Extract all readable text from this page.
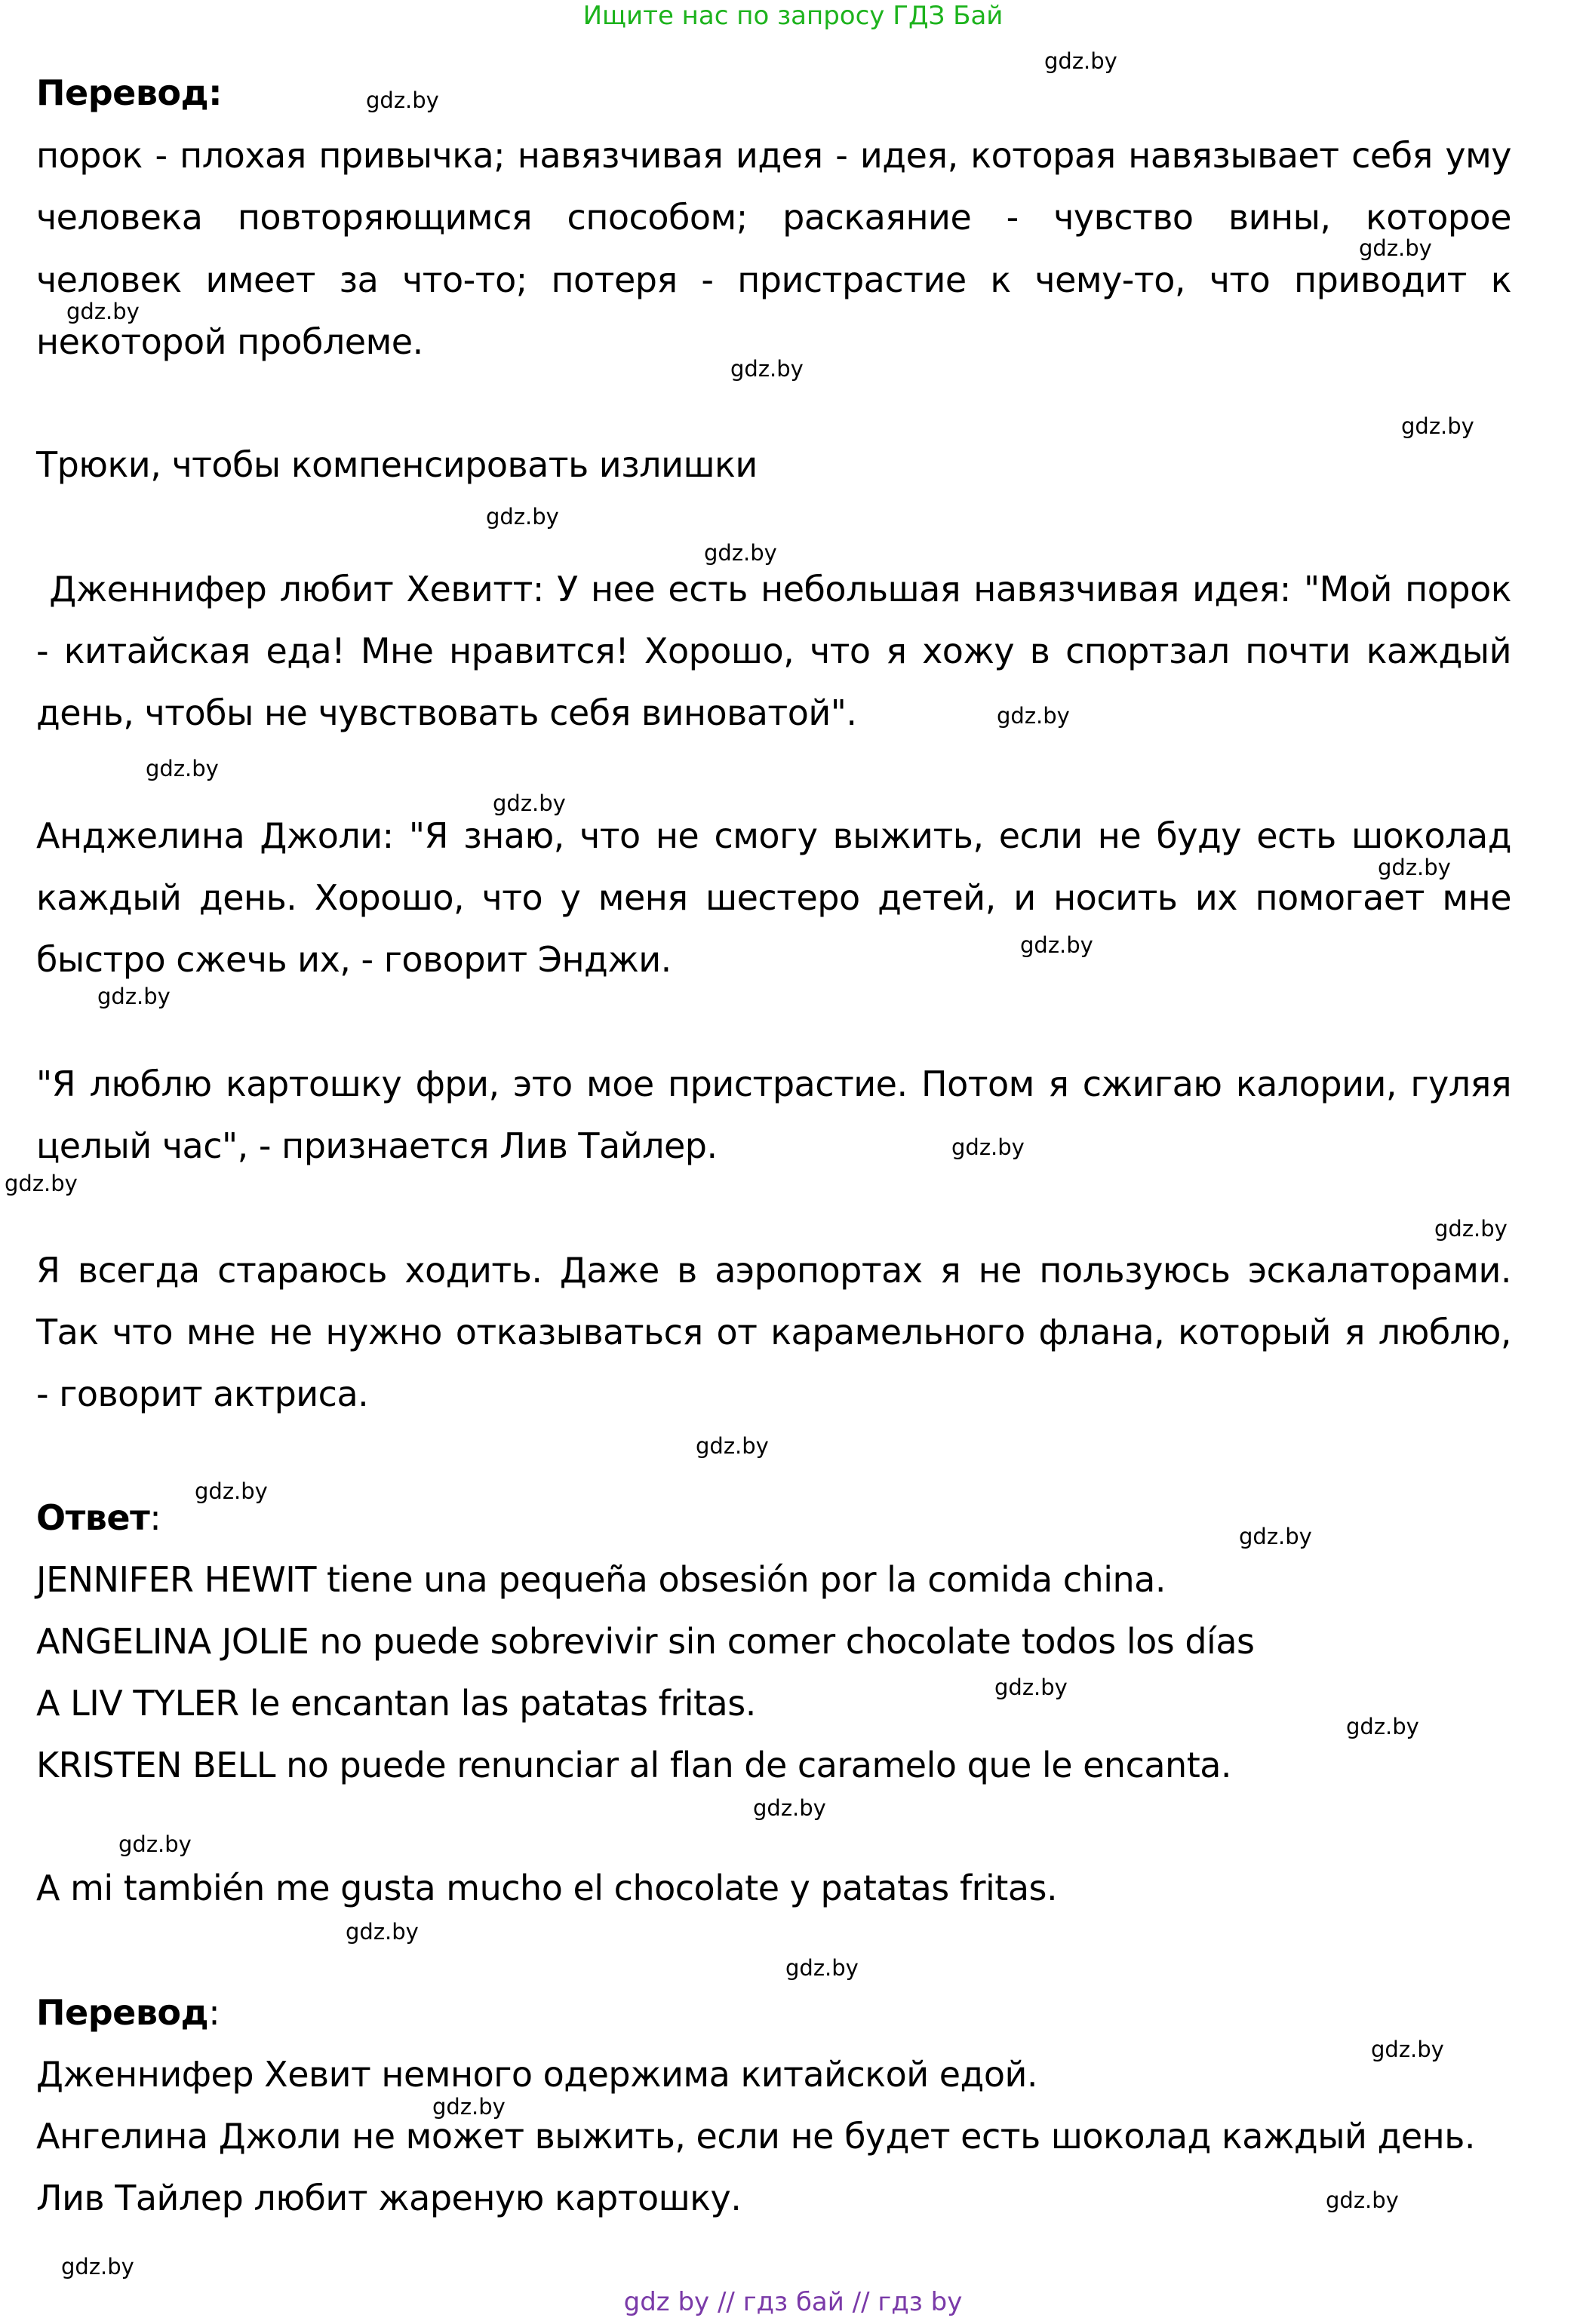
Ищите нас по запросу ГДЗ Бай
Перевод:
порок - плохая привычка; навязчивая идея - идея, которая навязывает себя уму
человека повторяющимся способом; раскаяние - чувство вины, которое
человек имеет за что-то; потеря - пристрастие к чему-то, что приводит к
некоторой проблеме.
Трюки, чтобы компенсировать излишки
Дженнифер любит Хевитт: У нее есть небольшая навязчивая идея: "Мой порок
- китайская еда! Мне нравится! Хорошо, что я хожу в спортзал почти каждый
день, чтобы не чувствовать себя виноватой".
Анджелина Джоли: "Я знаю, что не смогу выжить, если не буду есть шоколад
каждый день. Хорошо, что у меня шестеро детей, и носить их помогает мне
быстро сжечь их, - говорит Энджи.
"Я люблю картошку фри, это мое пристрастие. Потом я сжигаю калории, гуляя
целый час", - признается Лив Тайлер.
Я всегда стараюсь ходить. Даже в аэропортах я не пользуюсь эскалаторами.
Так что мне не нужно отказываться от карамельного флана, который я люблю,
- говорит актриса.
Ответ:
JENNIFER HEWIT tiene una pequeña obsesión por la comida china.
ANGELINA JOLIE no puede sobrevivir sin comer chocolate todos los días
A LIV TYLER le encantan las patatas fritas.
KRISTEN BELL no puede renunciar al flan de caramelo que le encanta.
A mi también me gusta mucho el chocolate y patatas fritas.
Перевод:
Дженнифер Хевит немного одержима китайской едой.
Ангелина Джоли не может выжить, если не будет есть шоколад каждый день.
Лив Тайлер любит жареную картошку.
gdz.by
gdz.by
gdz.by
gdz.by
gdz.by
gdz.by
gdz.by
gdz.by
gdz.by
gdz.by
gdz.by
gdz.by
gdz.by
gdz.by
gdz.by
gdz.by
gdz.by
gdz.by
gdz.by
gdz.by
gdz.by
gdz.by
gdz.by
gdz.by
gdz.by
gdz.by
gdz.by
gdz.by
gdz.by
gdz.by
gdz by // гдз бай // гдз by
